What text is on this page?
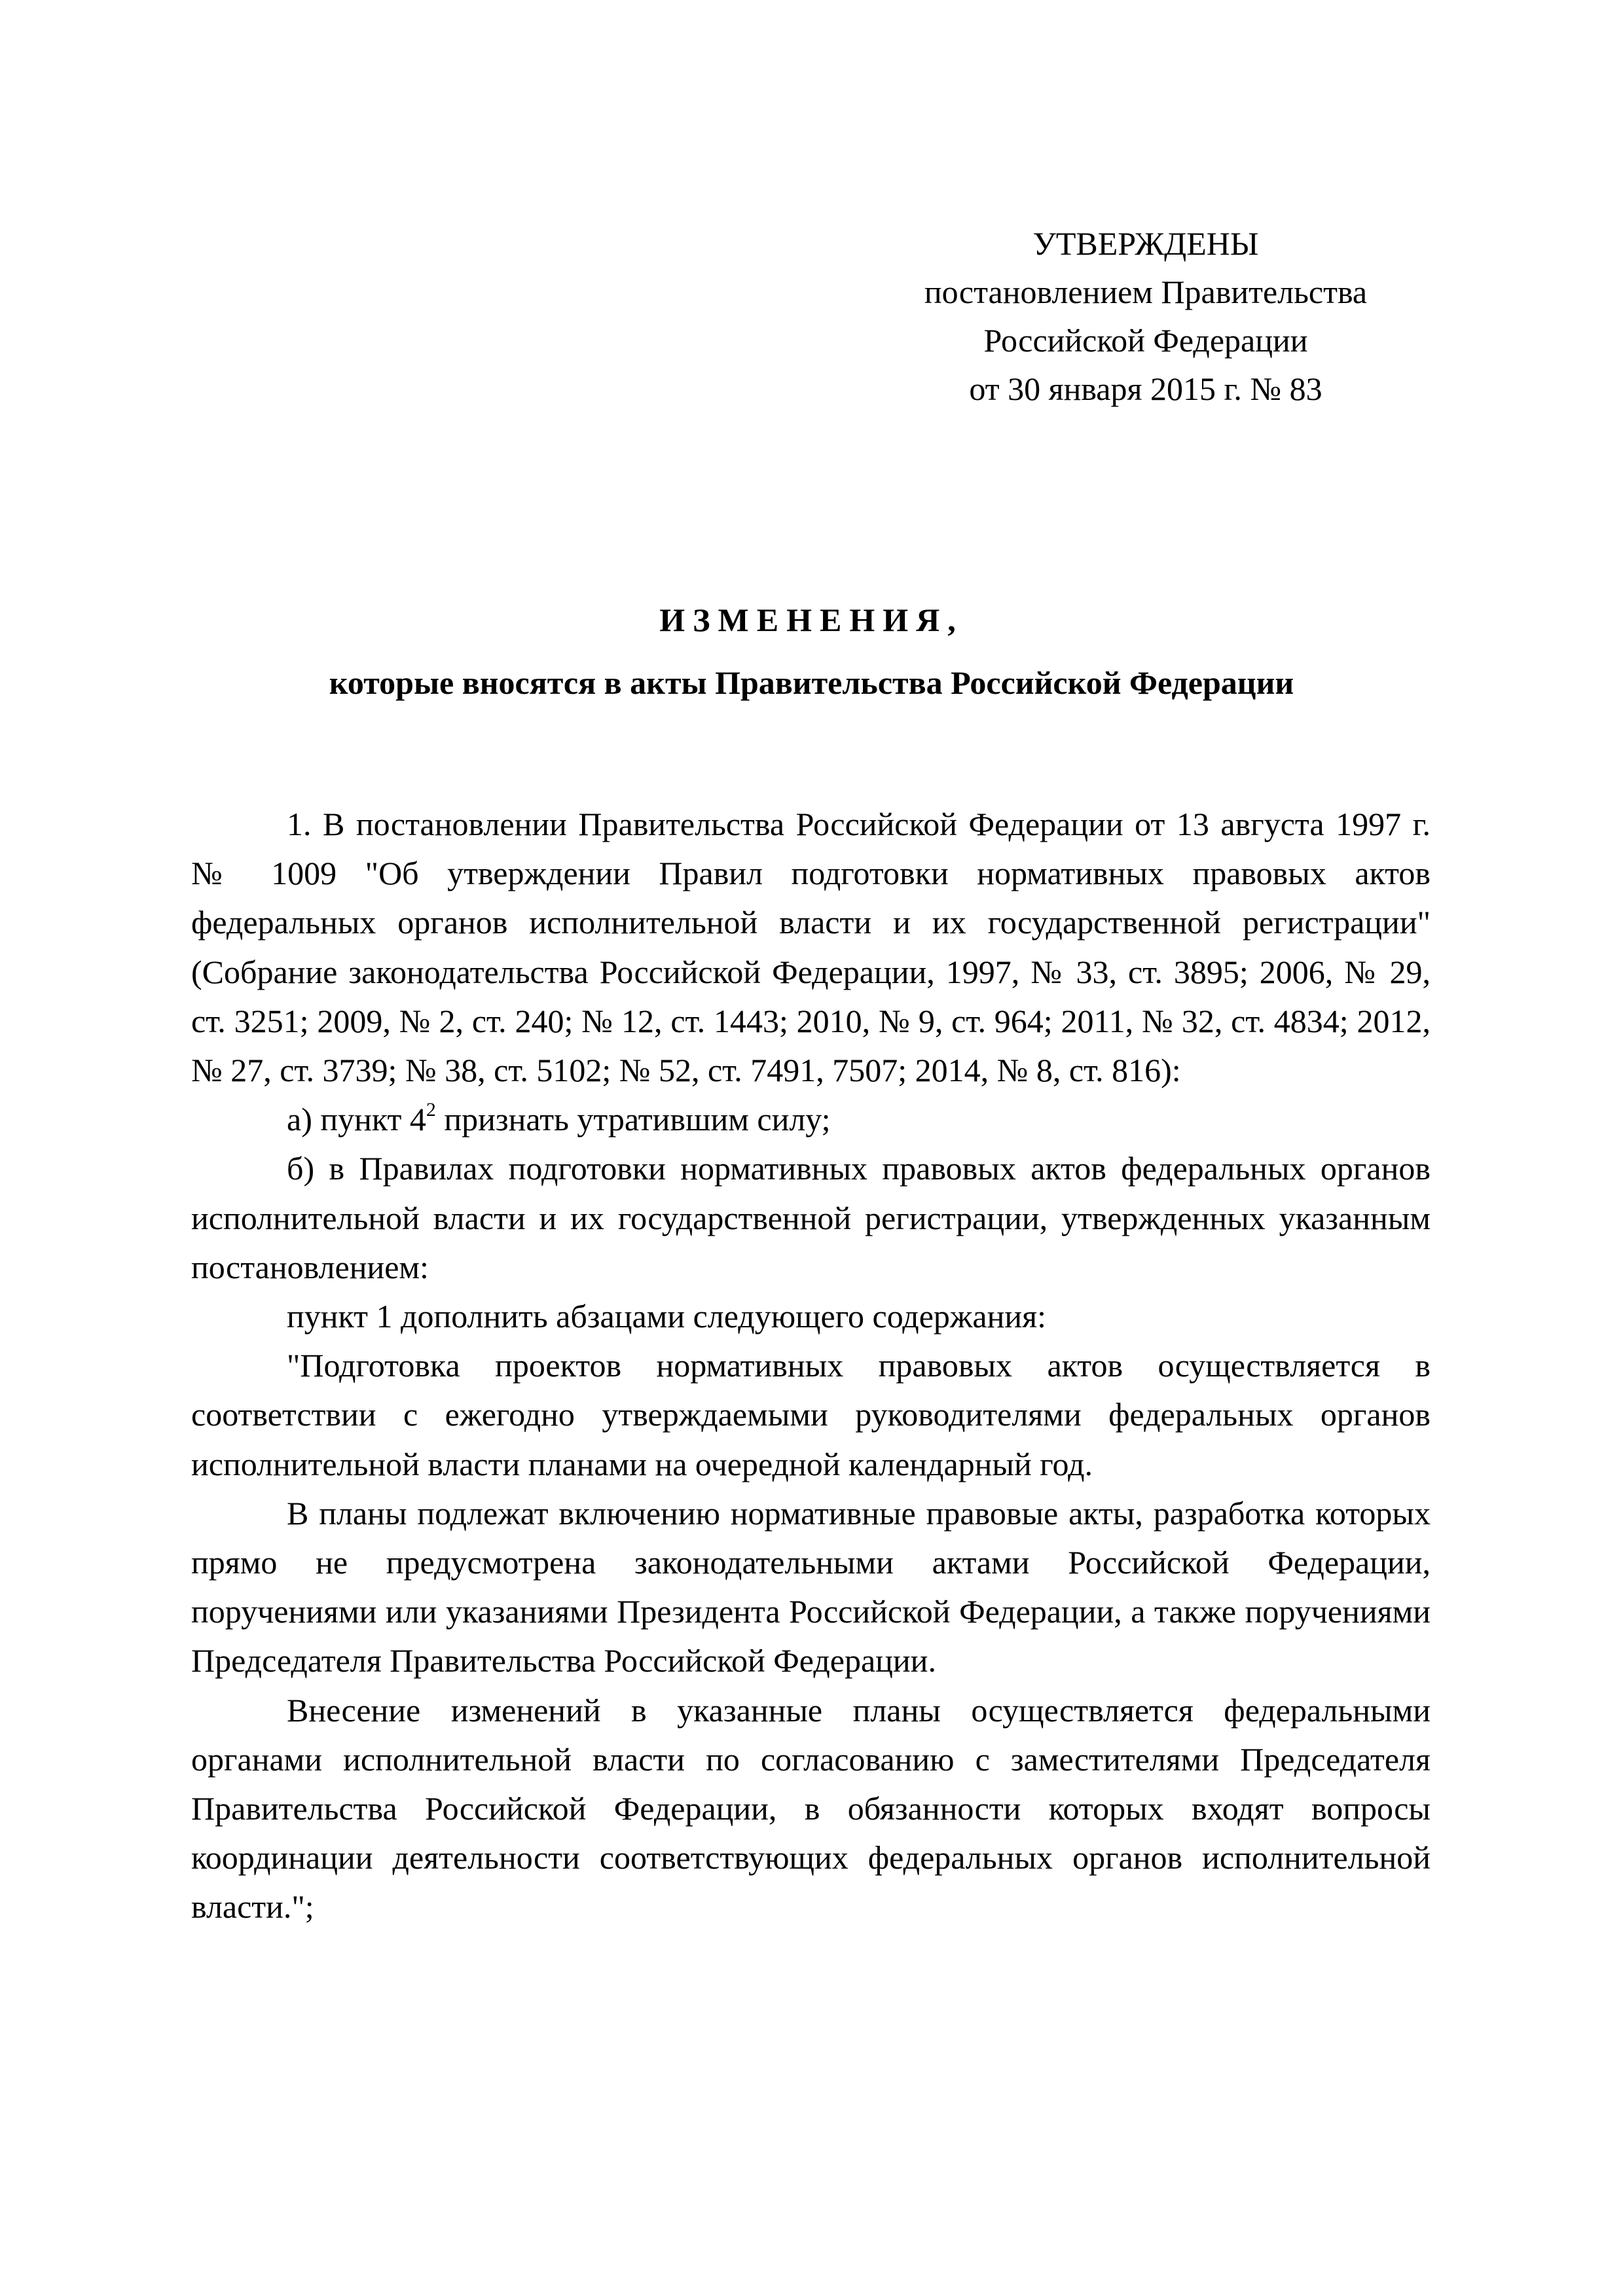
УТВЕРЖДЕНЫ
постановлением Правительства
Российской Федерации
от 30 января 2015 г. № 83
ИЗМЕНЕНИЯ,
которые вносятся в акты Правительства Российской Федерации

1. В постановлении Правительства Российской Федерации от 13 августа 1997 г. № 1009 "Об утверждении Правил подготовки нормативных правовых актов федеральных органов исполнительной власти и их государственной регистрации" (Собрание законодательства Российской Федерации, 1997, № 33, ст. 3895; 2006, № 29, ст. 3251; 2009, № 2, ст. 240; № 12, ст. 1443; 2010, № 9, ст. 964; 2011, № 32, ст. 4834; 2012, № 27, ст. 3739; № 38, ст. 5102; № 52, ст. 7491, 7507; 2014, № 8, ст. 816):

а) пункт $4^2$ признать утратившим силу;

б) в Правилах подготовки нормативных правовых актов федеральных органов исполнительной власти и их государственной регистрации, утвержденных указанным постановлением:

пункт 1 дополнить абзацами следующего содержания:

"Подготовка проектов нормативных правовых актов осуществляется в соответствии с ежегодно утверждаемыми руководителями федеральных органов исполнительной власти планами на очередной календарный год.

В планы подлежат включению нормативные правовые акты, разработка которых прямо не предусмотрена законодательными актами Российской Федерации, поручениями или указаниями Президента Российской Федерации, а также поручениями Председателя Правительства Российской Федерации.

Внесение изменений в указанные планы осуществляется федеральными органами исполнительной власти по согласованию с заместителями Председателя Правительства Российской Федерации, в обязанности которых входят вопросы координации деятельности соответствующих федеральных органов исполнительной власти.";
